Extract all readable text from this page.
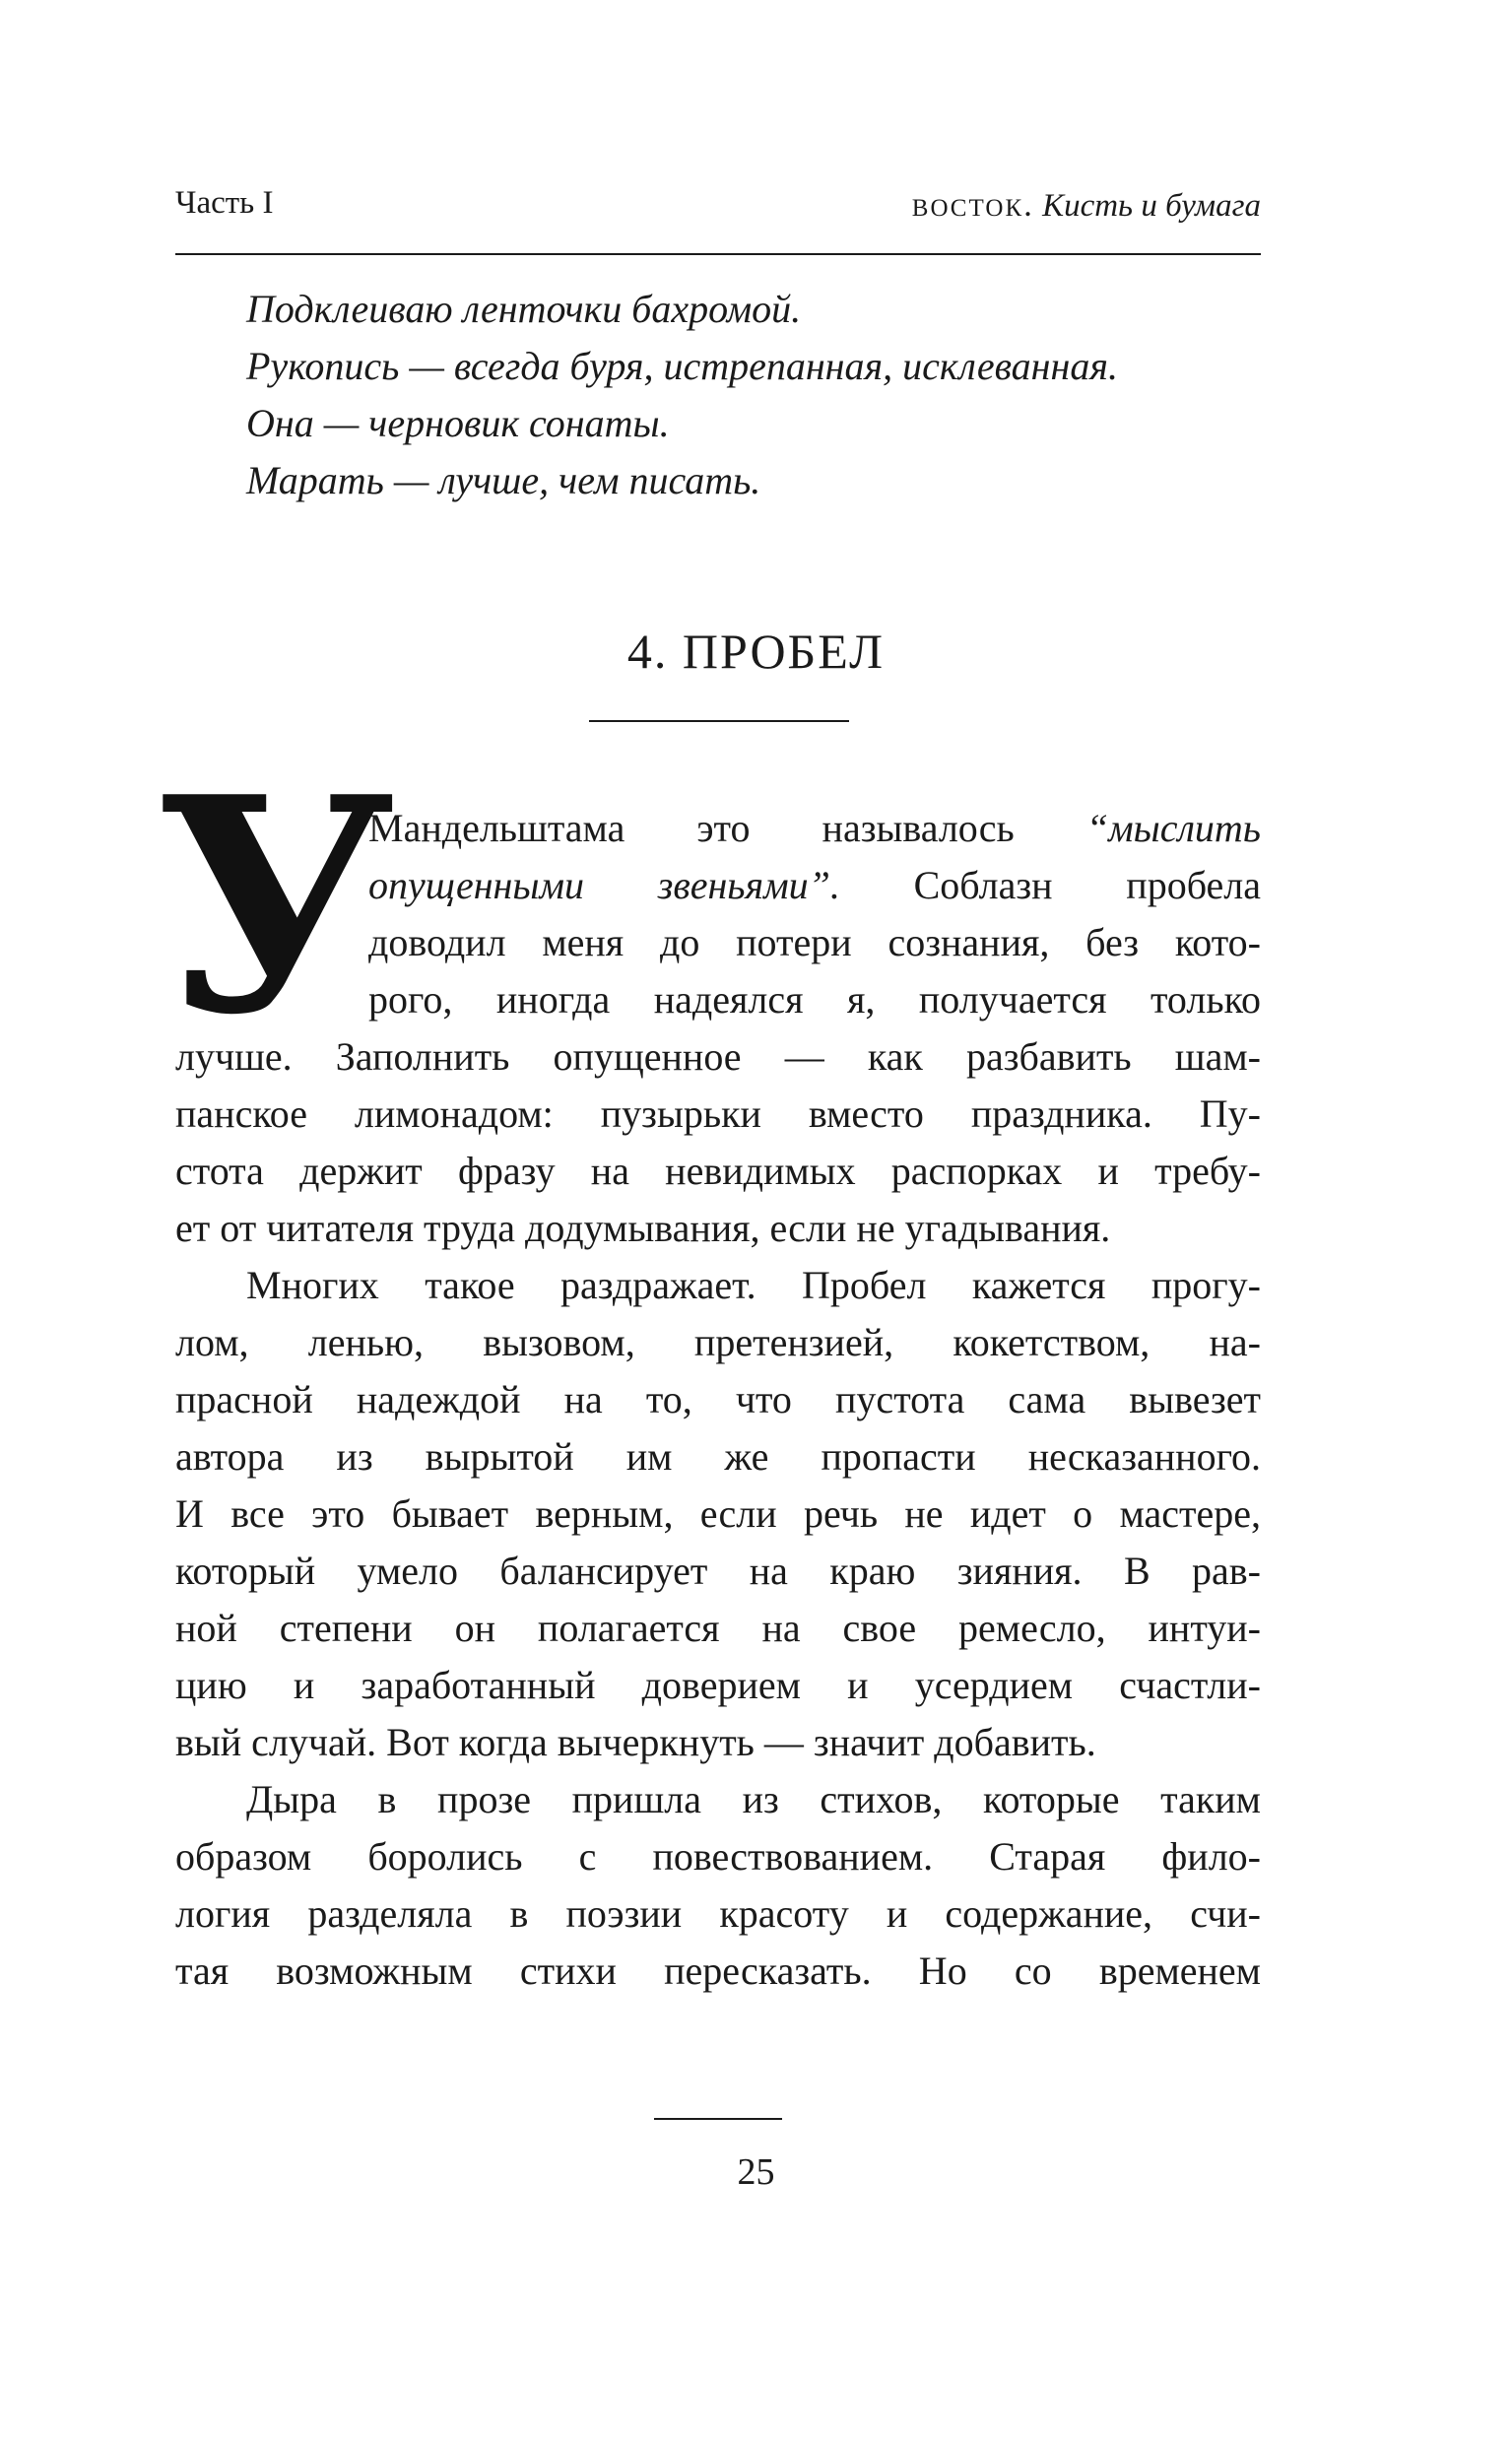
Часть I	восток. Кисть и бумага
Подклеиваю ленточки бахромой.
Рукопись — всегда буря, истрепанная, исклеванная.
Она — черновик сонаты.
Марать — лучше, чем писать.
4. ПРОБЕЛ
У
Мандельштама это называлось “мыслить
опущенными звеньями”. Соблазн пробела
доводил меня до потери сознания, без кото-
рого, иногда надеялся я, получается только
лучше. Заполнить опущенное — как разбавить шам-
панское лимонадом: пузырьки вместо праздника. Пу-
стота держит фразу на невидимых распорках и требу-
ет от читателя труда додумывания, если не угадывания.
Многих такое раздражает. Пробел кажется прогу-
лом, ленью, вызовом, претензией, кокетством, на-
прасной надеждой на то, что пустота сама вывезет
автора из вырытой им же пропасти несказанного.
И все это бывает верным, если речь не идет о мастере,
который умело балансирует на краю зияния. В рав-
ной степени он полагается на свое ремесло, интуи-
цию и заработанный доверием и усердием счастли-
вый случай. Вот когда вычеркнуть — значит добавить.
Дыра в прозе пришла из стихов, которые таким
образом боролись с повествованием. Старая фило-
логия разделяла в поэзии красоту и содержание, счи-
тая возможным стихи пересказать. Но со временем
25
